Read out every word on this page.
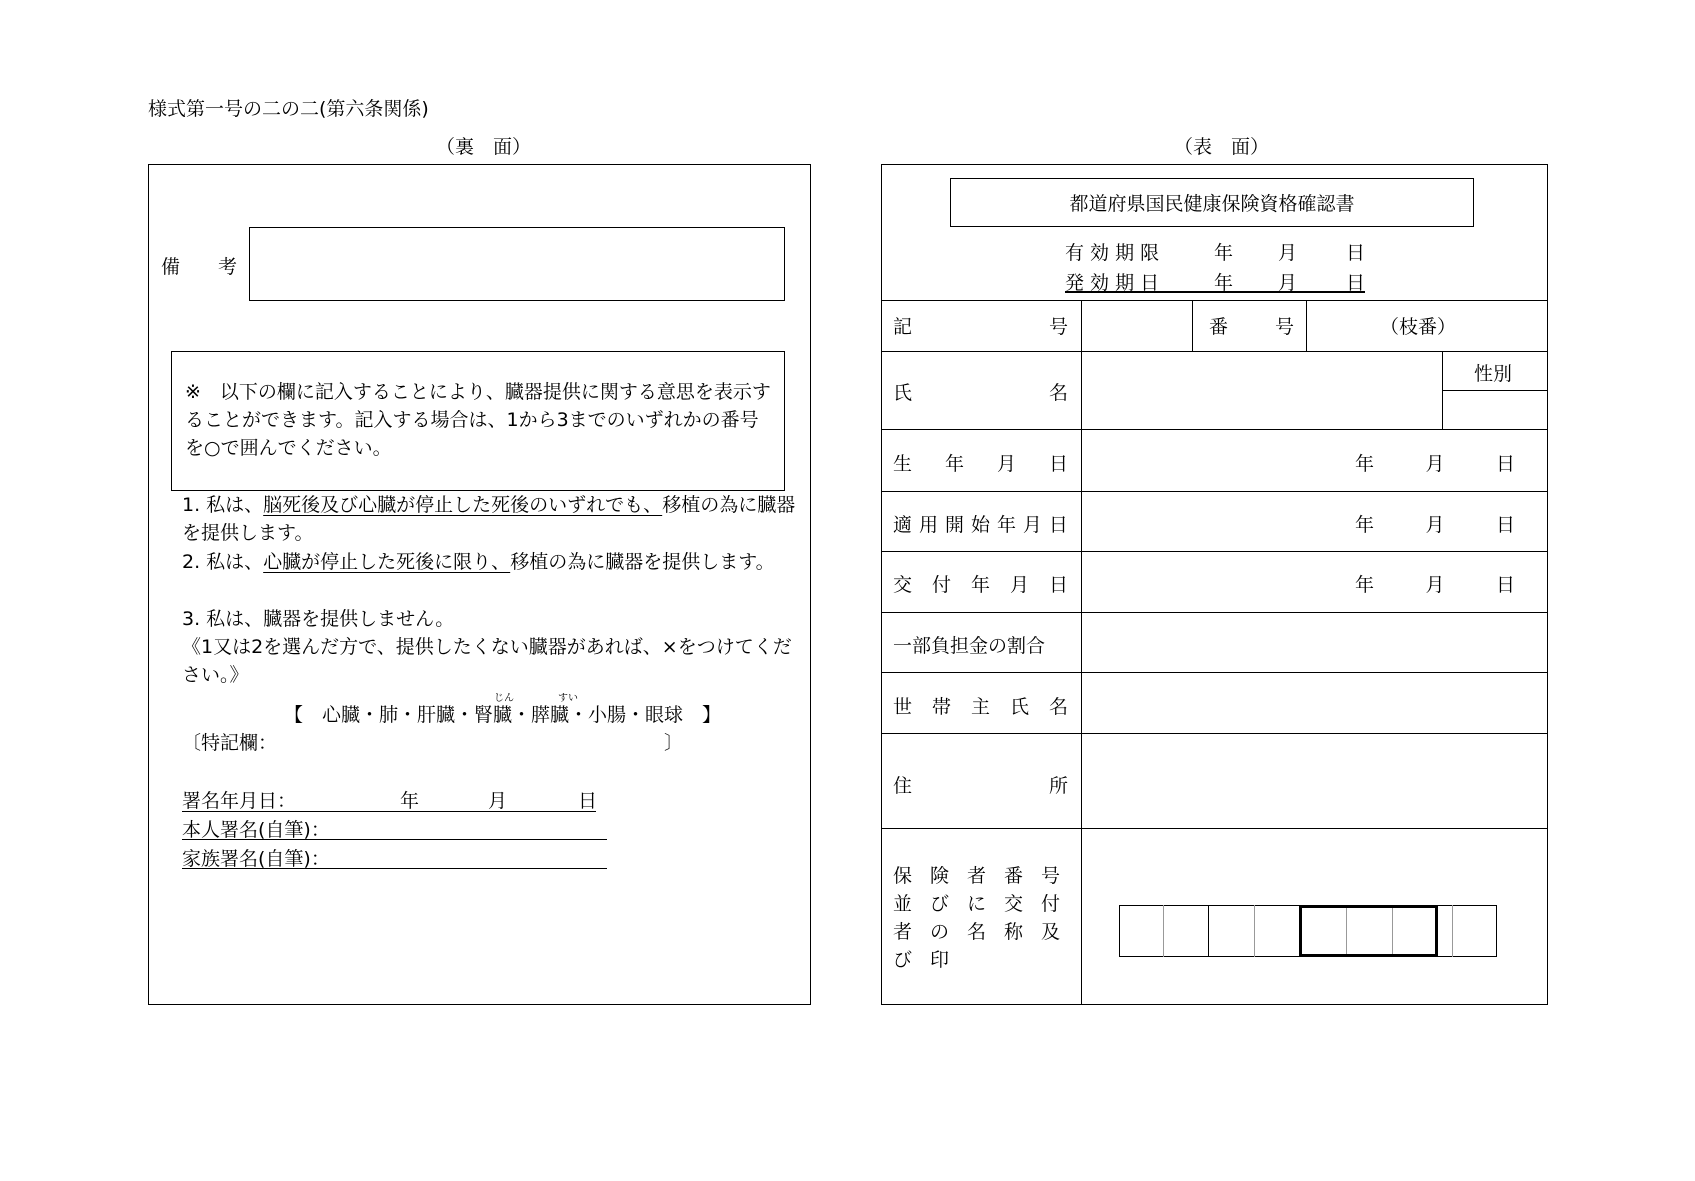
様式第一号の二の二(第六条関係)
（裏　面）
備　　考
※　以下の欄に記入することにより、臓器提供に関する意思を表示することができます。記入する場合は、1から3までのいずれかの番号を○で囲んでください。
1. 私は、脳死後及び心臓が停止した死後のいずれでも、移植の為に臓器を提供します。
2. 私は、心臓が停止した死後に限り、移植の為に臓器を提供します。
3. 私は、臓器を提供しません。
《1又は2を選んだ方で、提供したくない臓器があれば、×をつけてください。》
じん	すい
【　心臓・肺・肝臓・腎臓・膵臓・小腸・眼球　】
〔特記欄：	〕
署名年月日：	年	月	日
本人署名(自筆)：
家族署名(自筆)：
（表　面）
都道府県国民健康保険資格確認書
有 効 期 限	年 月	日
発 効 期 日	年 月	日
記	号	番 号	（枝番）
氏	名
性別
生 年 月 日	年	月	日
適 用 開 始 年 月 日	年	月	日
交 付 年 月 日	年	月	日
一部負担金の割合
世 帯 主 氏 名
住	所
保険者番号
並びに交付
者の名称及
び印
